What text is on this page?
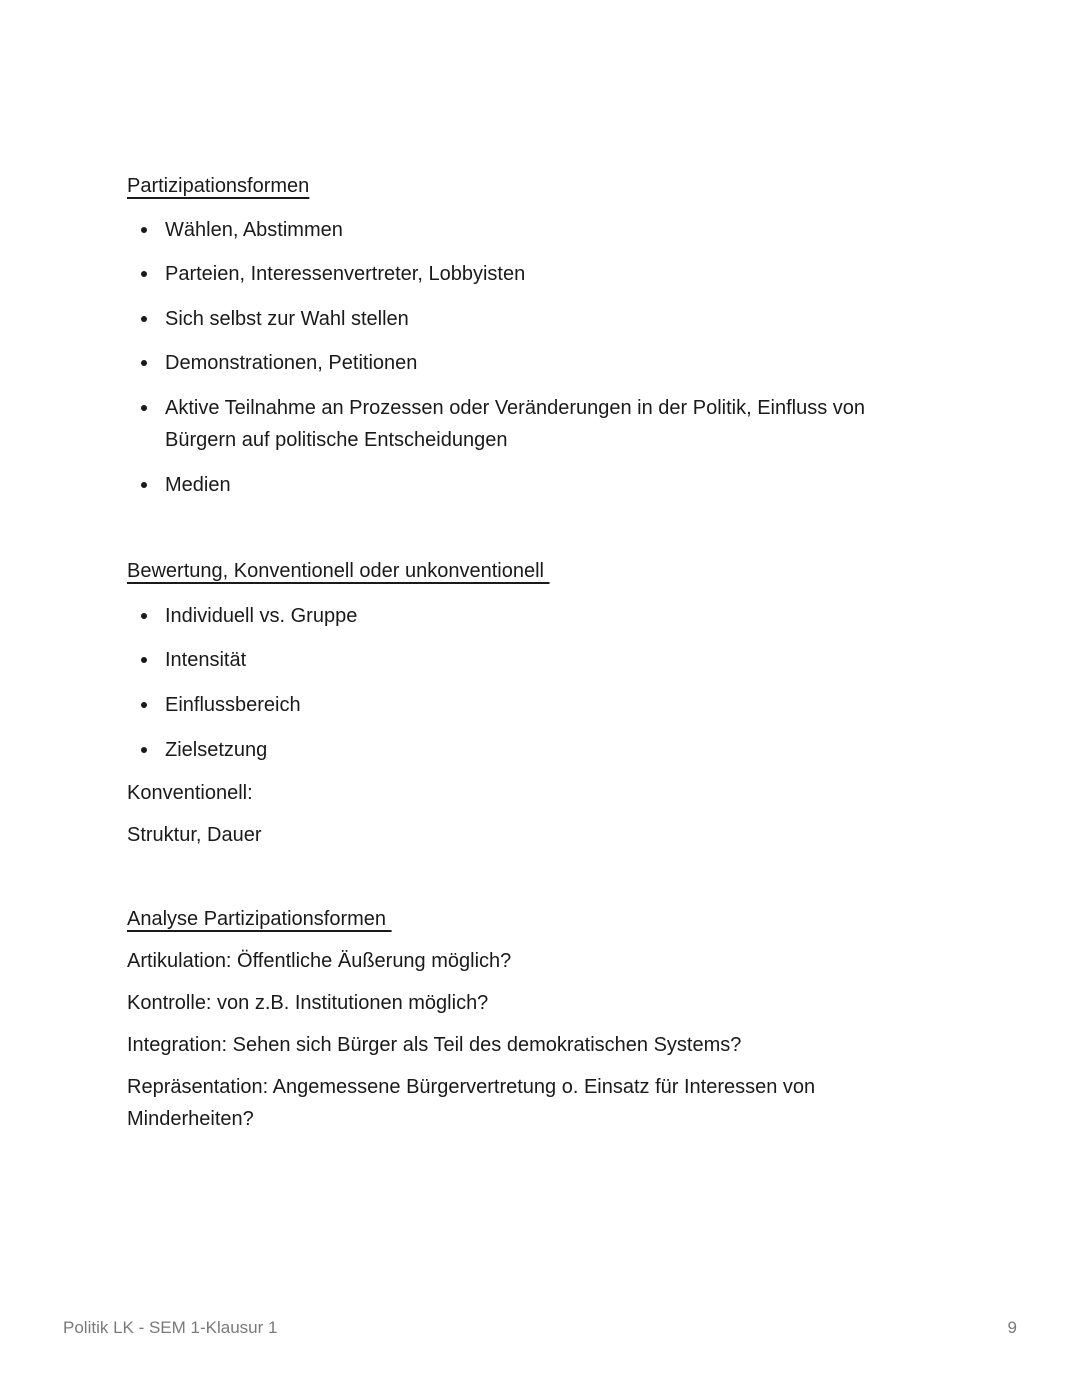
Partizipationsformen
Wählen, Abstimmen
Parteien, Interessenvertreter, Lobbyisten
Sich selbst zur Wahl stellen
Demonstrationen, Petitionen
Aktive Teilnahme an Prozessen oder Veränderungen in der Politik, Einfluss von Bürgern auf politische Entscheidungen
Medien
Bewertung, Konventionell oder unkonventionell
Individuell vs. Gruppe
Intensität
Einflussbereich
Zielsetzung

Konventionell:

Struktur, Dauer

Analyse Partizipationsformen

Artikulation: Öffentliche Äußerung möglich?

Kontrolle: von z.B. Institutionen möglich?

Integration: Sehen sich Bürger als Teil des demokratischen Systems?

Repräsentation: Angemessene Bürgervertretung o. Einsatz für Interessen von Minderheiten?

Politik LK - SEM 1-Klausur 1	9
